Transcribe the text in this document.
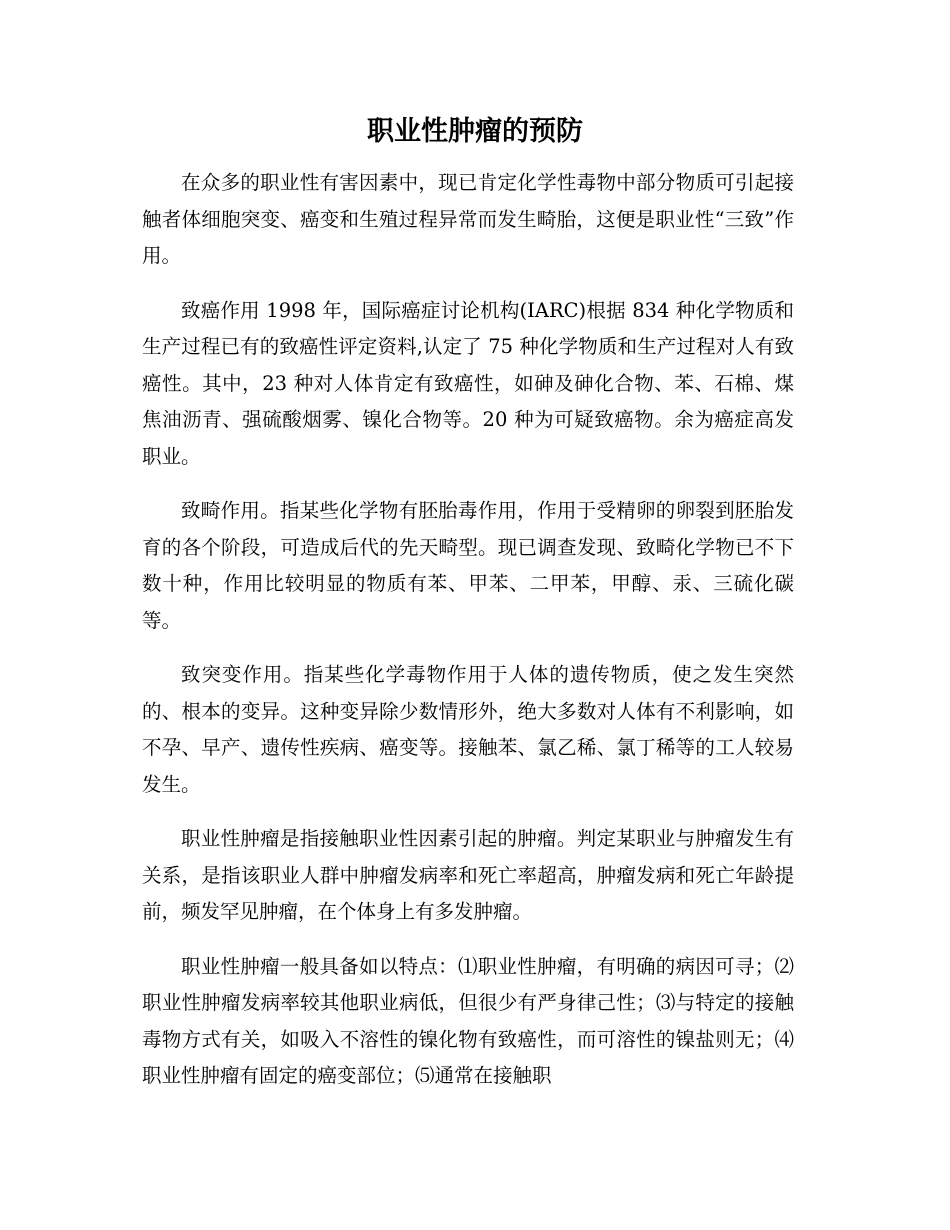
职业性肿瘤的预防

在众多的职业性有害因素中，现已肯定化学性毒物中部分物质可引起接触者体细胞突变、癌变和生殖过程异常而发生畸胎，这便是职业性“三致”作用。

致癌作用 1998 年，国际癌症讨论机构(IARC)根据 834 种化学物质和生产过程已有的致癌性评定资料,认定了 75 种化学物质和生产过程对人有致癌性。其中，23 种对人体肯定有致癌性，如砷及砷化合物、苯、石棉、煤焦油沥青、强硫酸烟雾、镍化合物等。20 种为可疑致癌物。余为癌症高发职业。

致畸作用。指某些化学物有胚胎毒作用，作用于受精卵的卵裂到胚胎发育的各个阶段，可造成后代的先天畸型。现已调查发现、致畸化学物已不下数十种，作用比较明显的物质有苯、甲苯、二甲苯，甲醇、汞、三硫化碳等。

致突变作用。指某些化学毒物作用于人体的遗传物质，使之发生突然的、根本的变异。这种变异除少数情形外，绝大多数对人体有不利影响，如不孕、早产、遗传性疾病、癌变等。接触苯、氯乙稀、氯丁稀等的工人较易发生。

职业性肿瘤是指接触职业性因素引起的肿瘤。判定某职业与肿瘤发生有关系，是指该职业人群中肿瘤发病率和死亡率超高，肿瘤发病和死亡年龄提前，频发罕见肿瘤，在个体身上有多发肿瘤。

职业性肿瘤一般具备如以特点：⑴职业性肿瘤，有明确的病因可寻；⑵职业性肿瘤发病率较其他职业病低，但很少有严身律己性；⑶与特定的接触毒物方式有关，如吸入不溶性的镍化物有致癌性，而可溶性的镍盐则无；⑷职业性肿瘤有固定的癌变部位；⑸通常在接触职
